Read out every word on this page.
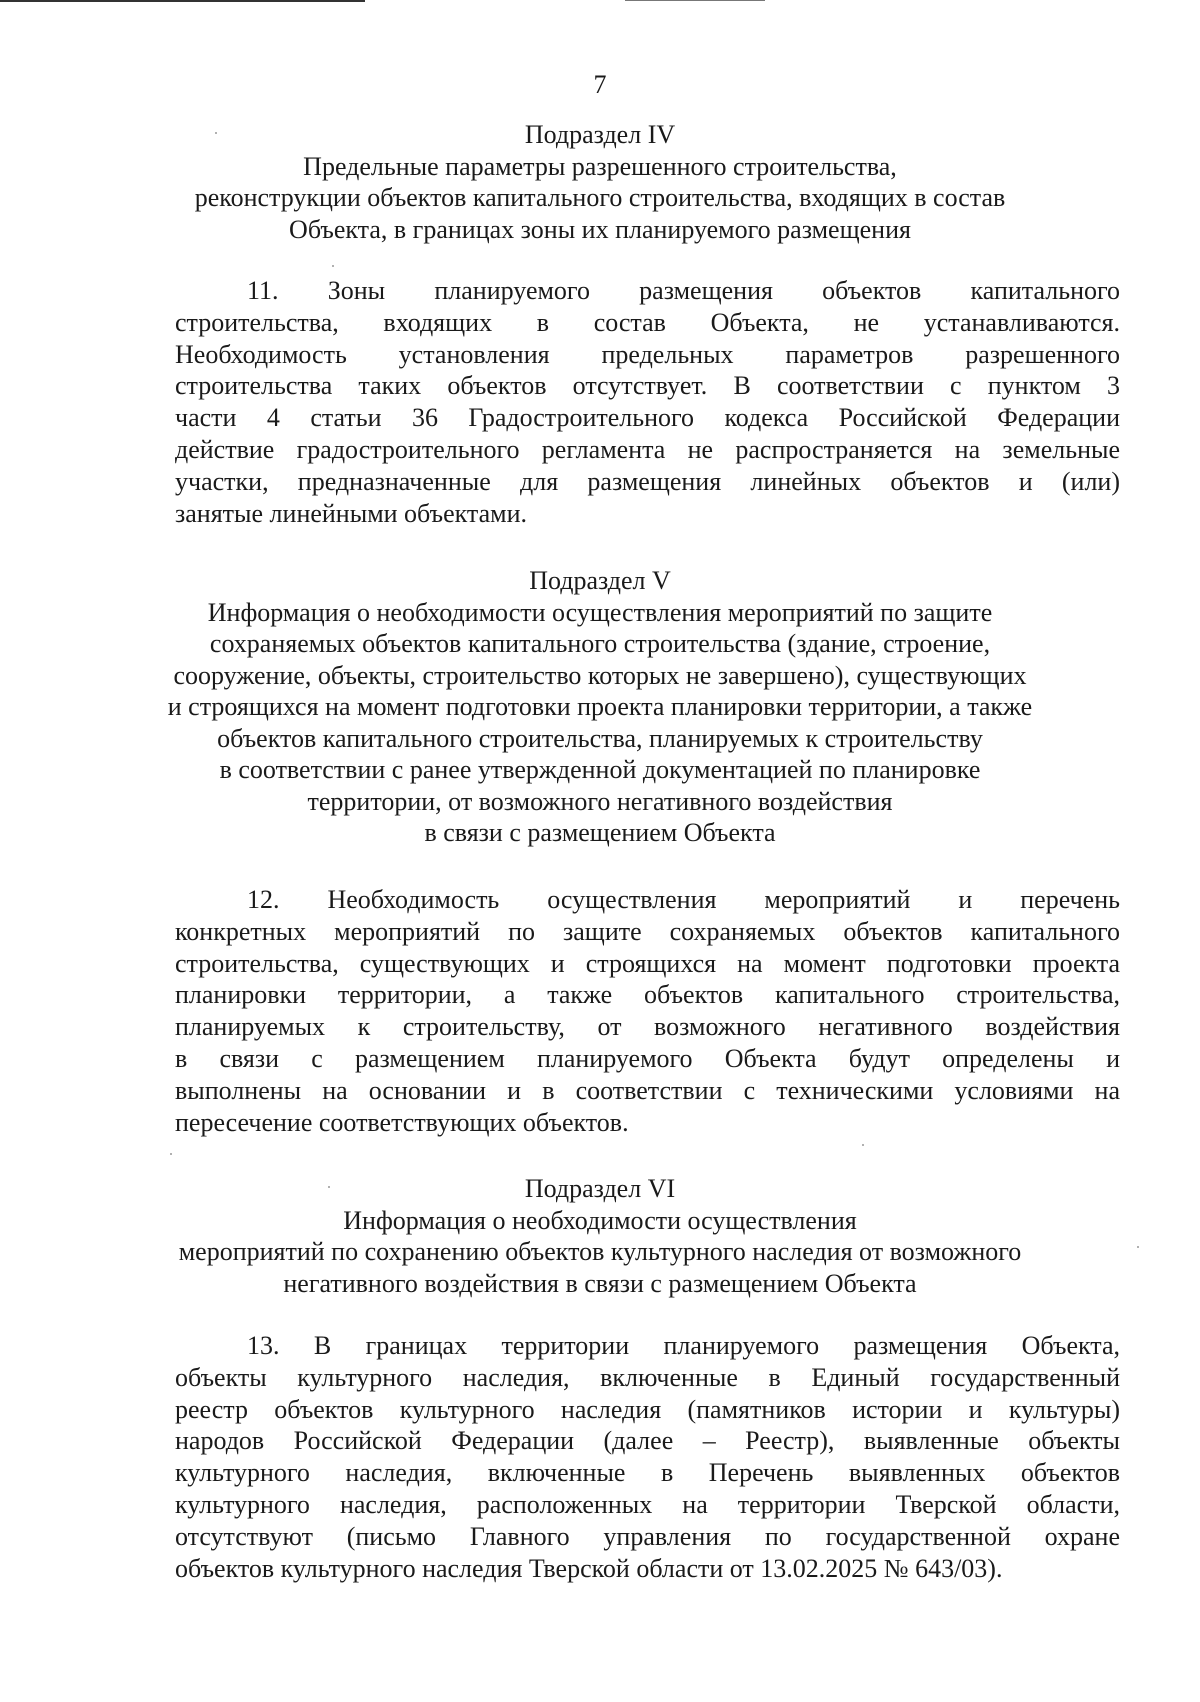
7
Подраздел IV
Предельные параметры разрешенного строительства,
реконструкции объектов капитального строительства, входящих в состав
Объекта, в границах зоны их планируемого размещения
11. Зоны планируемого размещения объектов капитального
строительства, входящих в состав Объекта, не устанавливаются.
Необходимость установления предельных параметров разрешенного
строительства таких объектов отсутствует. В соответствии с пунктом 3
части 4 статьи 36 Градостроительного кодекса Российской Федерации
действие градостроительного регламента не распространяется на земельные
участки, предназначенные для размещения линейных объектов и (или)
занятые линейными объектами.
Подраздел V
Информация о необходимости осуществления мероприятий по защите
сохраняемых объектов капитального строительства (здание, строение,
сооружение, объекты, строительство которых не завершено), существующих
и строящихся на момент подготовки проекта планировки территории, а также
объектов капитального строительства, планируемых к строительству
в соответствии с ранее утвержденной документацией по планировке
территории, от возможного негативного воздействия
в связи с размещением Объекта
12. Необходимость осуществления мероприятий и перечень
конкретных мероприятий по защите сохраняемых объектов капитального
строительства, существующих и строящихся на момент подготовки проекта
планировки территории, а также объектов капитального строительства,
планируемых к строительству, от возможного негативного воздействия
в связи с размещением планируемого Объекта будут определены и
выполнены на основании и в соответствии с техническими условиями на
пересечение соответствующих объектов.
Подраздел VI
Информация о необходимости осуществления
мероприятий по сохранению объектов культурного наследия от возможного
негативного воздействия в связи с размещением Объекта
13. В границах территории планируемого размещения Объекта,
объекты культурного наследия, включенные в Единый государственный
реестр объектов культурного наследия (памятников истории и культуры)
народов Российской Федерации (далее – Реестр), выявленные объекты
культурного наследия, включенные в Перечень выявленных объектов
культурного наследия, расположенных на территории Тверской области,
отсутствуют (письмо Главного управления по государственной охране
объектов культурного наследия Тверской области от 13.02.2025 № 643/03).
